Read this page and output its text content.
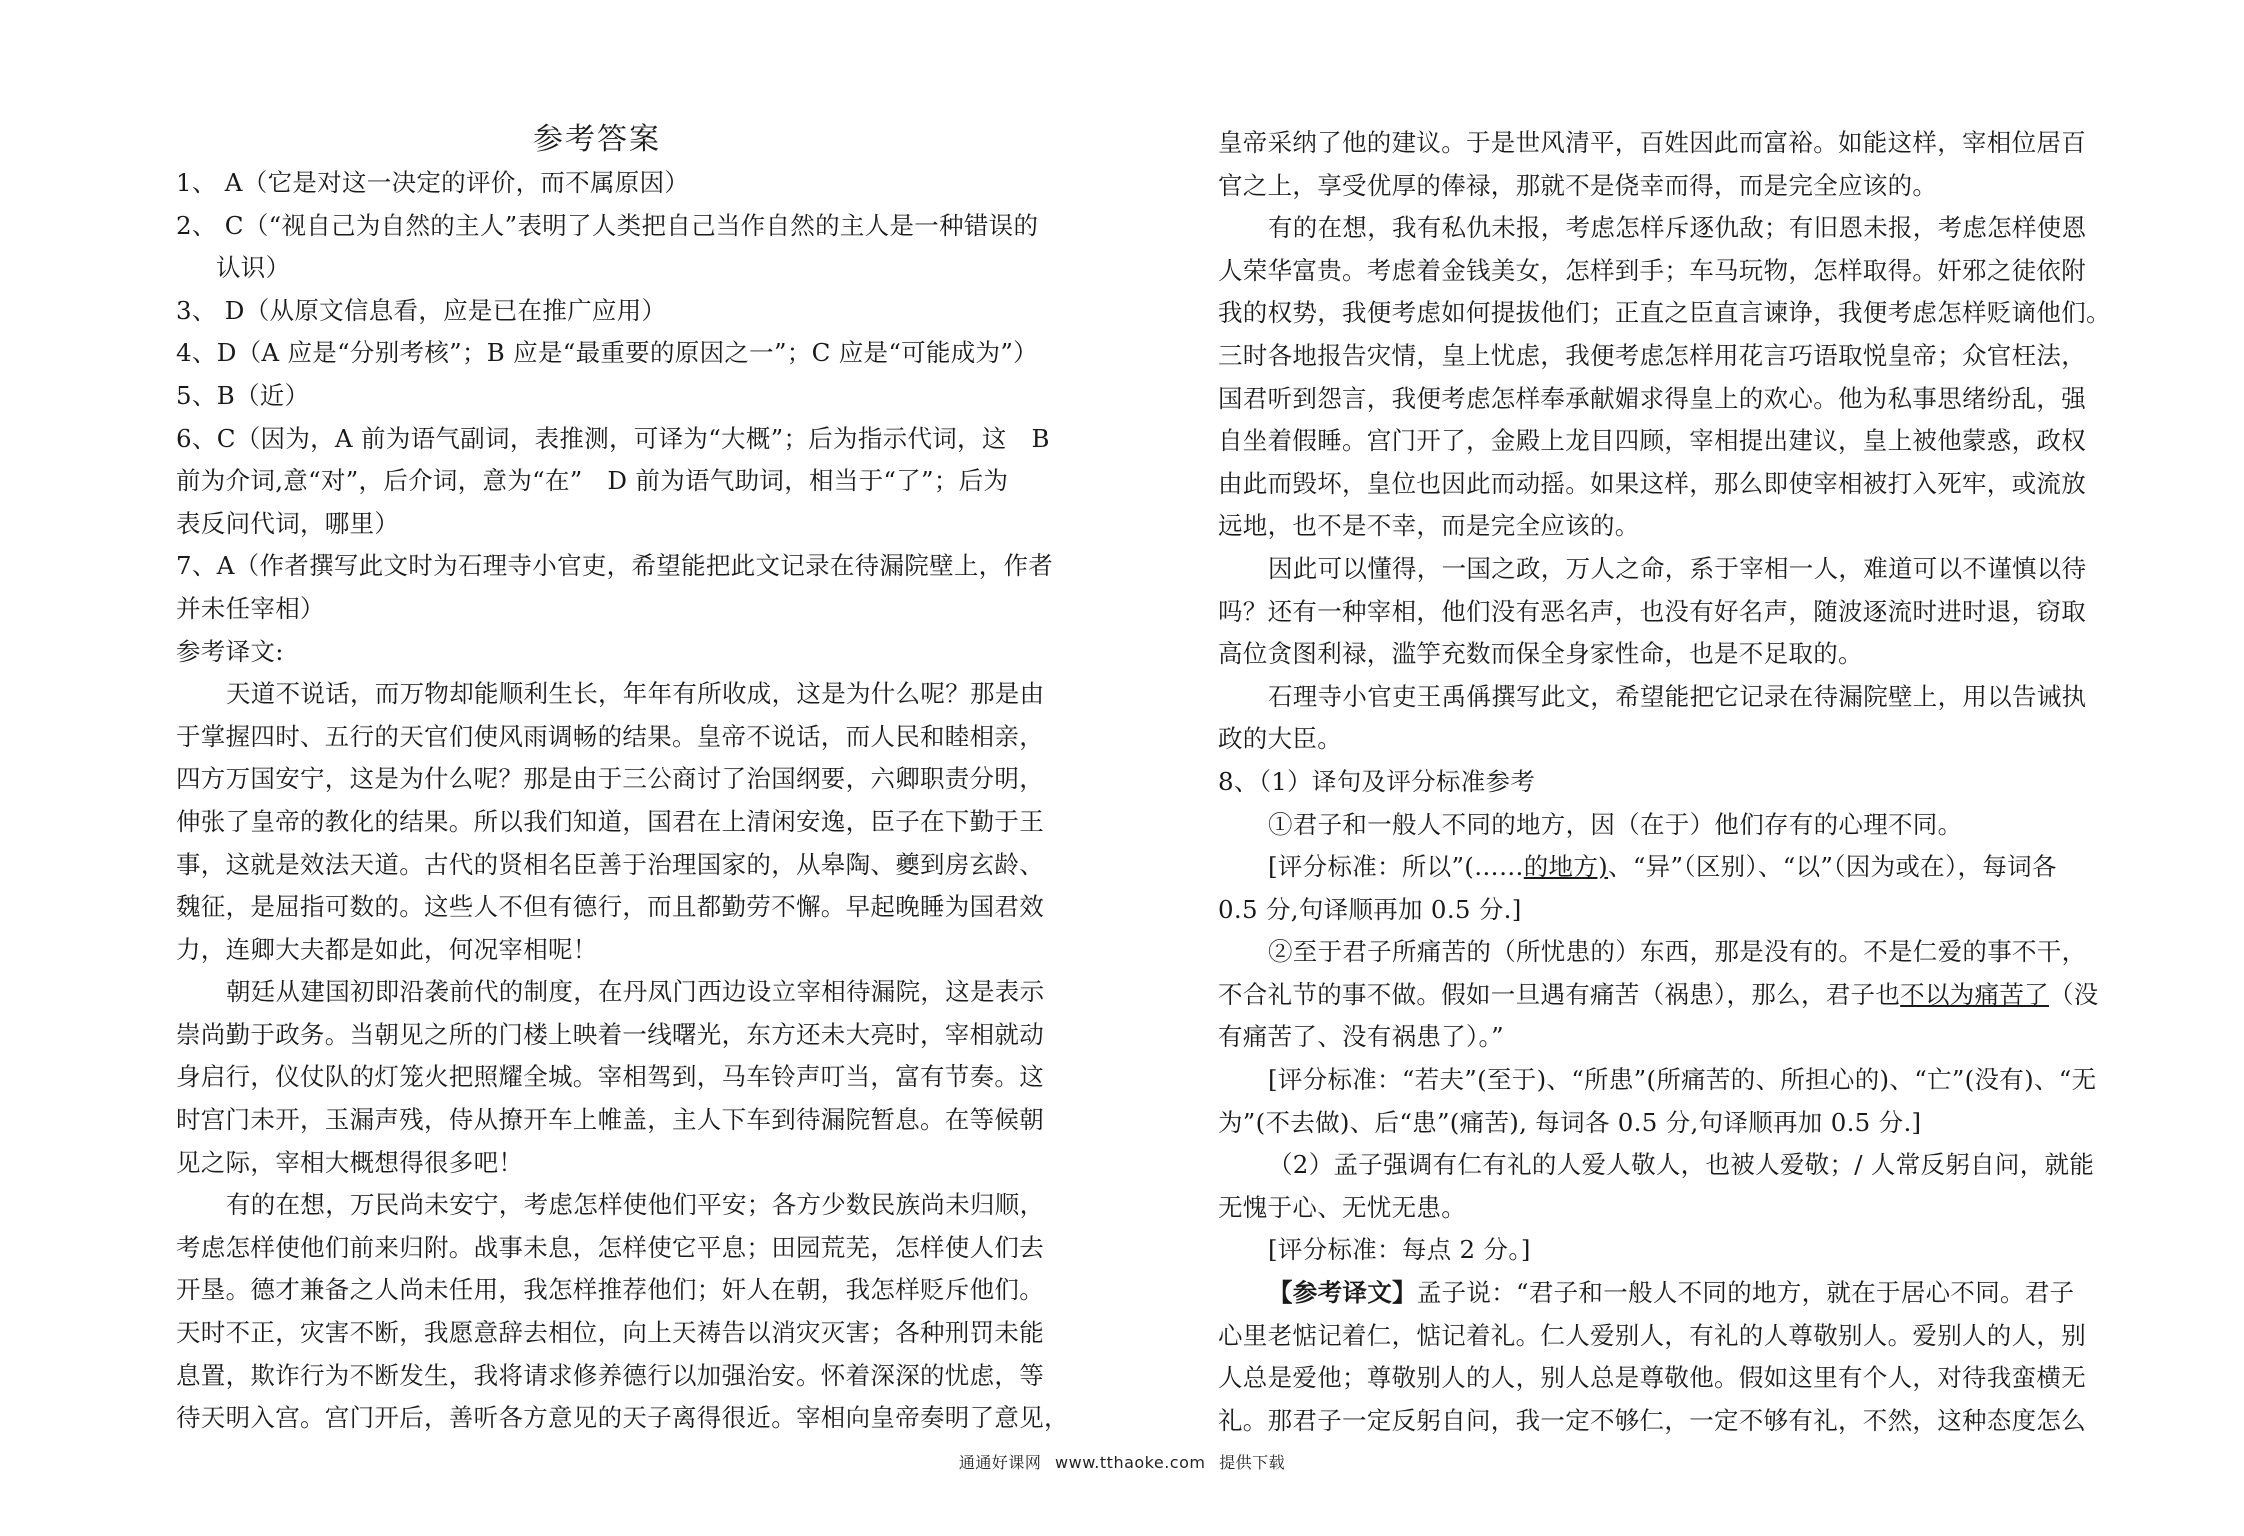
参考答案
1、 A（它是对这一决定的评价，而不属原因）
2、 C（“视自己为自然的主人”表明了人类把自己当作自然的主人是一种错误的
认识）
3、 D（从原文信息看，应是已在推广应用）
4、D（A 应是“分别考核”；B 应是“最重要的原因之一”；C 应是“可能成为”）
5、B（近）
6、C（因为，A 前为语气副词，表推测，可译为“大概”；后为指示代词，这　B
前为介词,意“对”，后介词，意为“在”　D 前为语气助词，相当于“了”；后为
表反问代词，哪里）
7、A（作者撰写此文时为石理寺小官吏，希望能把此文记录在待漏院壁上，作者
并未任宰相）
参考译文:
天道不说话，而万物却能顺利生长，年年有所收成，这是为什么呢？那是由
于掌握四时、五行的天官们使风雨调畅的结果。皇帝不说话，而人民和睦相亲，
四方万国安宁，这是为什么呢？那是由于三公商讨了治国纲要，六卿职责分明，
伸张了皇帝的教化的结果。所以我们知道，国君在上清闲安逸，臣子在下勤于王
事，这就是效法天道。古代的贤相名臣善于治理国家的，从皋陶、夔到房玄龄、
魏征，是屈指可数的。这些人不但有德行，而且都勤劳不懈。早起晚睡为国君效
力，连卿大夫都是如此，何况宰相呢！
朝廷从建国初即沿袭前代的制度，在丹凤门西边设立宰相待漏院，这是表示
崇尚勤于政务。当朝见之所的门楼上映着一线曙光，东方还未大亮时，宰相就动
身启行，仪仗队的灯笼火把照耀全城。宰相驾到，马车铃声叮当，富有节奏。这
时宫门未开，玉漏声残，侍从撩开车上帷盖，主人下车到待漏院暂息。在等候朝
见之际，宰相大概想得很多吧！
有的在想，万民尚未安宁，考虑怎样使他们平安；各方少数民族尚未归顺，
考虑怎样使他们前来归附。战事未息，怎样使它平息；田园荒芜，怎样使人们去
开垦。德才兼备之人尚未任用，我怎样推荐他们；奸人在朝，我怎样贬斥他们。
天时不正，灾害不断，我愿意辞去相位，向上天祷告以消灾灭害；各种刑罚未能
息置，欺诈行为不断发生，我将请求修养德行以加强治安。怀着深深的忧虑，等
待天明入宫。宫门开后，善听各方意见的天子离得很近。宰相向皇帝奏明了意见，
皇帝采纳了他的建议。于是世风清平，百姓因此而富裕。如能这样，宰相位居百
官之上，享受优厚的俸禄，那就不是侥幸而得，而是完全应该的。
有的在想，我有私仇未报，考虑怎样斥逐仇敌；有旧恩未报，考虑怎样使恩
人荣华富贵。考虑着金钱美女，怎样到手；车马玩物，怎样取得。奸邪之徒依附
我的权势，我便考虑如何提拔他们；正直之臣直言谏诤，我便考虑怎样贬谪他们。
三时各地报告灾情，皇上忧虑，我便考虑怎样用花言巧语取悦皇帝；众官枉法，
国君听到怨言，我便考虑怎样奉承献媚求得皇上的欢心。他为私事思绪纷乱，强
自坐着假睡。宫门开了，金殿上龙目四顾，宰相提出建议，皇上被他蒙惑，政权
由此而毁坏，皇位也因此而动摇。如果这样，那么即使宰相被打入死牢，或流放
远地，也不是不幸，而是完全应该的。
因此可以懂得，一国之政，万人之命，系于宰相一人，难道可以不谨慎以待
吗？还有一种宰相，他们没有恶名声，也没有好名声，随波逐流时进时退，窃取
高位贪图利禄，滥竽充数而保全身家性命，也是不足取的。
石理寺小官吏王禹偁撰写此文，希望能把它记录在待漏院壁上，用以告诫执
政的大臣。
8、（1）译句及评分标准参考
①君子和一般人不同的地方，因（在于）他们存有的心理不同。
[评分标准：所以”(……的地方)、“异”（区别）、“以”（因为或在），每词各
0.5 分,句译顺再加 0.5 分.]
②至于君子所痛苦的（所忧患的）东西，那是没有的。不是仁爱的事不干，
不合礼节的事不做。假如一旦遇有痛苦（祸患），那么，君子也不以为痛苦了（没
有痛苦了、没有祸患了）。”
[评分标准：“若夫”(至于)、“所患”(所痛苦的、所担心的)、“亡”(没有)、“无
为”(不去做)、后“患”(痛苦), 每词各 0.5 分,句译顺再加 0.5 分.]
（2）孟子强调有仁有礼的人爱人敬人，也被人爱敬；/ 人常反躬自问，就能
无愧于心、无忧无患。
[评分标准：每点 2 分。]
【参考译文】孟子说：“君子和一般人不同的地方，就在于居心不同。君子
心里老惦记着仁，惦记着礼。仁人爱别人，有礼的人尊敬别人。爱别人的人，别
人总是爱他；尊敬别人的人，别人总是尊敬他。假如这里有个人，对待我蛮横无
礼。那君子一定反躬自问，我一定不够仁，一定不够有礼，不然，这种态度怎么
通通好课网 www.tthaoke.com 提供下载
